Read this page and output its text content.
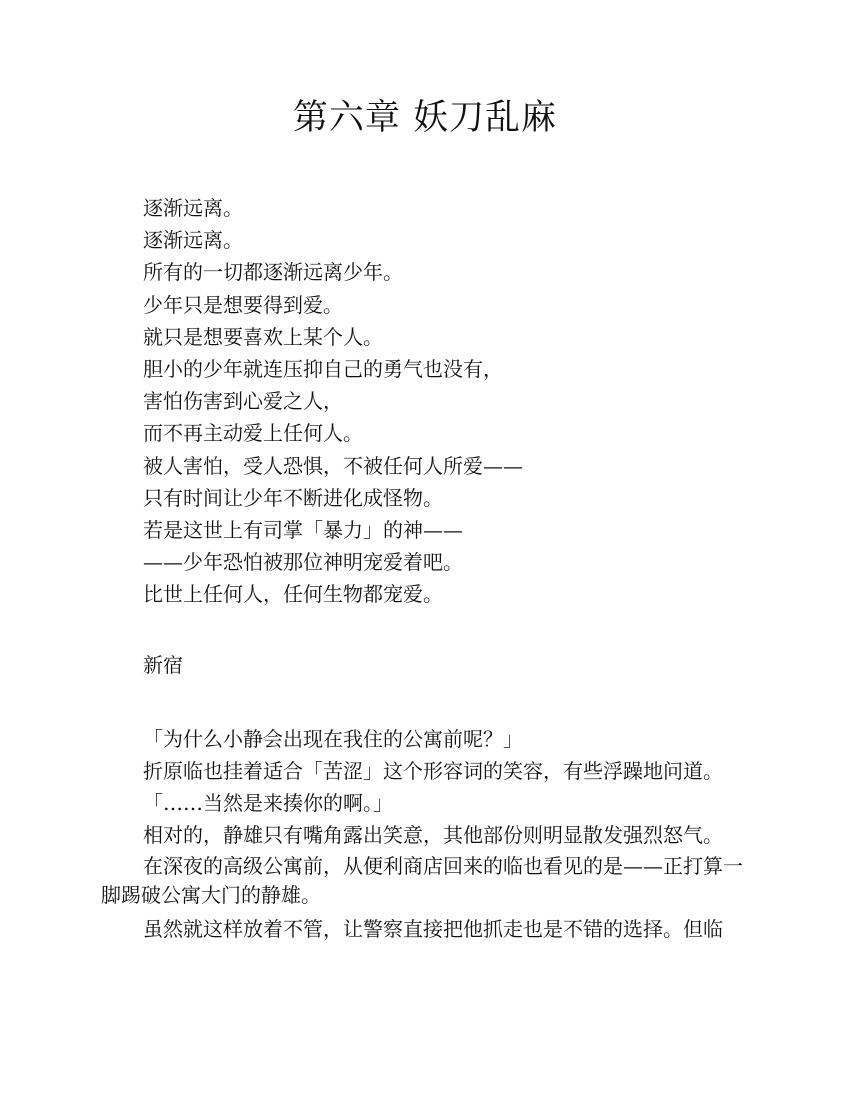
第六章 妖刀乱麻

逐渐远离。

逐渐远离。

所有的一切都逐渐远离少年。

少年只是想要得到爱。

就只是想要喜欢上某个人。

胆小的少年就连压抑自己的勇气也没有，

害怕伤害到心爱之人，

而不再主动爱上任何人。

被人害怕，受人恐惧，不被任何人所爱——

只有时间让少年不断进化成怪物。

若是这世上有司掌「暴力」的神——

——少年恐怕被那位神明宠爱着吧。

比世上任何人，任何生物都宠爱。

新宿

「为什么小静会出现在我住的公寓前呢？」

折原临也挂着适合「苦涩」这个形容词的笑容，有些浮躁地问道。

「……当然是来揍你的啊。」

相对的，静雄只有嘴角露出笑意，其他部份则明显散发强烈怒气。

在深夜的高级公寓前，从便利商店回来的临也看见的是——正打算一脚踢破公寓大门的静雄。

虽然就这样放着不管，让警察直接把他抓走也是不错的选择。但临
